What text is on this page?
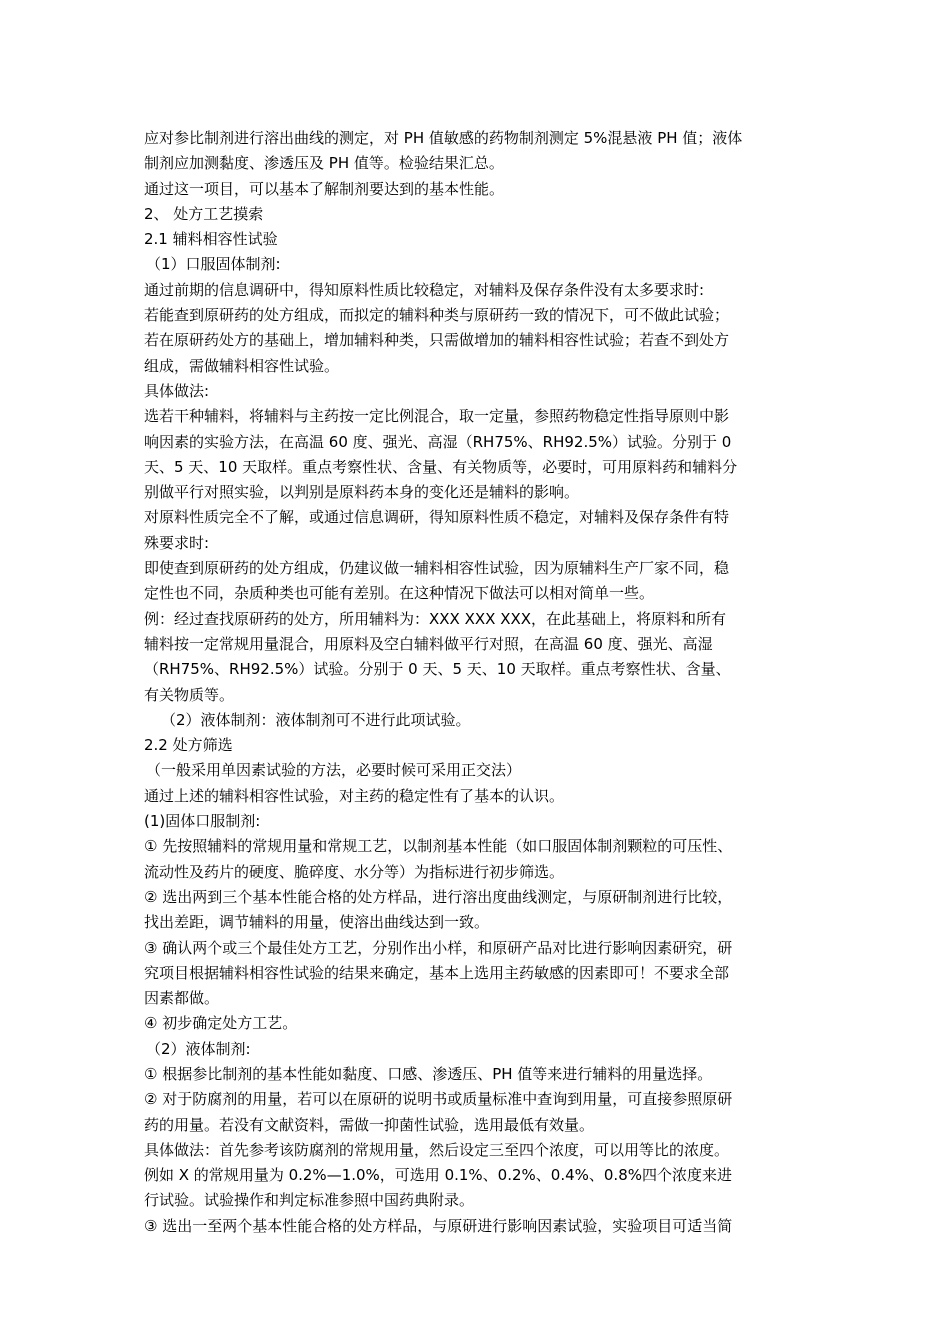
应对参比制剂进行溶出曲线的测定，对 PH 值敏感的药物制剂测定 5%混悬液 PH 值；液体
制剂应加测黏度、渗透压及 PH 值等。检验结果汇总。
通过这一项目，可以基本了解制剂要达到的基本性能。
2、 处方工艺摸索
2.1 辅料相容性试验
（1）口服固体制剂:
通过前期的信息调研中，得知原料性质比较稳定，对辅料及保存条件没有太多要求时:
若能查到原研药的处方组成，而拟定的辅料种类与原研药一致的情况下，可不做此试验；
若在原研药处方的基础上，增加辅料种类，只需做增加的辅料相容性试验；若查不到处方
组成，需做辅料相容性试验。
具体做法:
选若干种辅料，将辅料与主药按一定比例混合，取一定量，参照药物稳定性指导原则中影
响因素的实验方法，在高温 60 度、强光、高湿（RH75%、RH92.5%）试验。分别于 0
天、5 天、10 天取样。重点考察性状、含量、有关物质等，必要时，可用原料药和辅料分
别做平行对照实验，以判别是原料药本身的变化还是辅料的影响。
对原料性质完全不了解，或通过信息调研，得知原料性质不稳定，对辅料及保存条件有特
殊要求时:
即使查到原研药的处方组成，仍建议做一辅料相容性试验，因为原辅料生产厂家不同，稳
定性也不同，杂质种类也可能有差别。在这种情况下做法可以相对简单一些。
例：经过查找原研药的处方，所用辅料为：XXX XXX XXX，在此基础上，将原料和所有
辅料按一定常规用量混合，用原料及空白辅料做平行对照，在高温 60 度、强光、高湿
（RH75%、RH92.5%）试验。分别于 0 天、5 天、10 天取样。重点考察性状、含量、
有关物质等。
（2）液体制剂：液体制剂可不进行此项试验。
2.2 处方筛选
（一般采用单因素试验的方法，必要时候可采用正交法）
通过上述的辅料相容性试验，对主药的稳定性有了基本的认识。
(1)固体口服制剂:
① 先按照辅料的常规用量和常规工艺，以制剂基本性能（如口服固体制剂颗粒的可压性、
流动性及药片的硬度、脆碎度、水分等）为指标进行初步筛选。
② 选出两到三个基本性能合格的处方样品，进行溶出度曲线测定，与原研制剂进行比较，
找出差距，调节辅料的用量，使溶出曲线达到一致。
③ 确认两个或三个最佳处方工艺，分别作出小样，和原研产品对比进行影响因素研究，研
究项目根据辅料相容性试验的结果来确定，基本上选用主药敏感的因素即可！不要求全部
因素都做。
④ 初步确定处方工艺。
（2）液体制剂:
① 根据参比制剂的基本性能如黏度、口感、渗透压、PH 值等来进行辅料的用量选择。
② 对于防腐剂的用量，若可以在原研的说明书或质量标准中查询到用量，可直接参照原研
药的用量。若没有文献资料，需做一抑菌性试验，选用最低有效量。
具体做法：首先参考该防腐剂的常规用量，然后设定三至四个浓度，可以用等比的浓度。
例如 X 的常规用量为 0.2%—1.0%，可选用 0.1%、0.2%、0.4%、0.8%四个浓度来进
行试验。试验操作和判定标准参照中国药典附录。
③ 选出一至两个基本性能合格的处方样品，与原研进行影响因素试验，实验项目可适当简
